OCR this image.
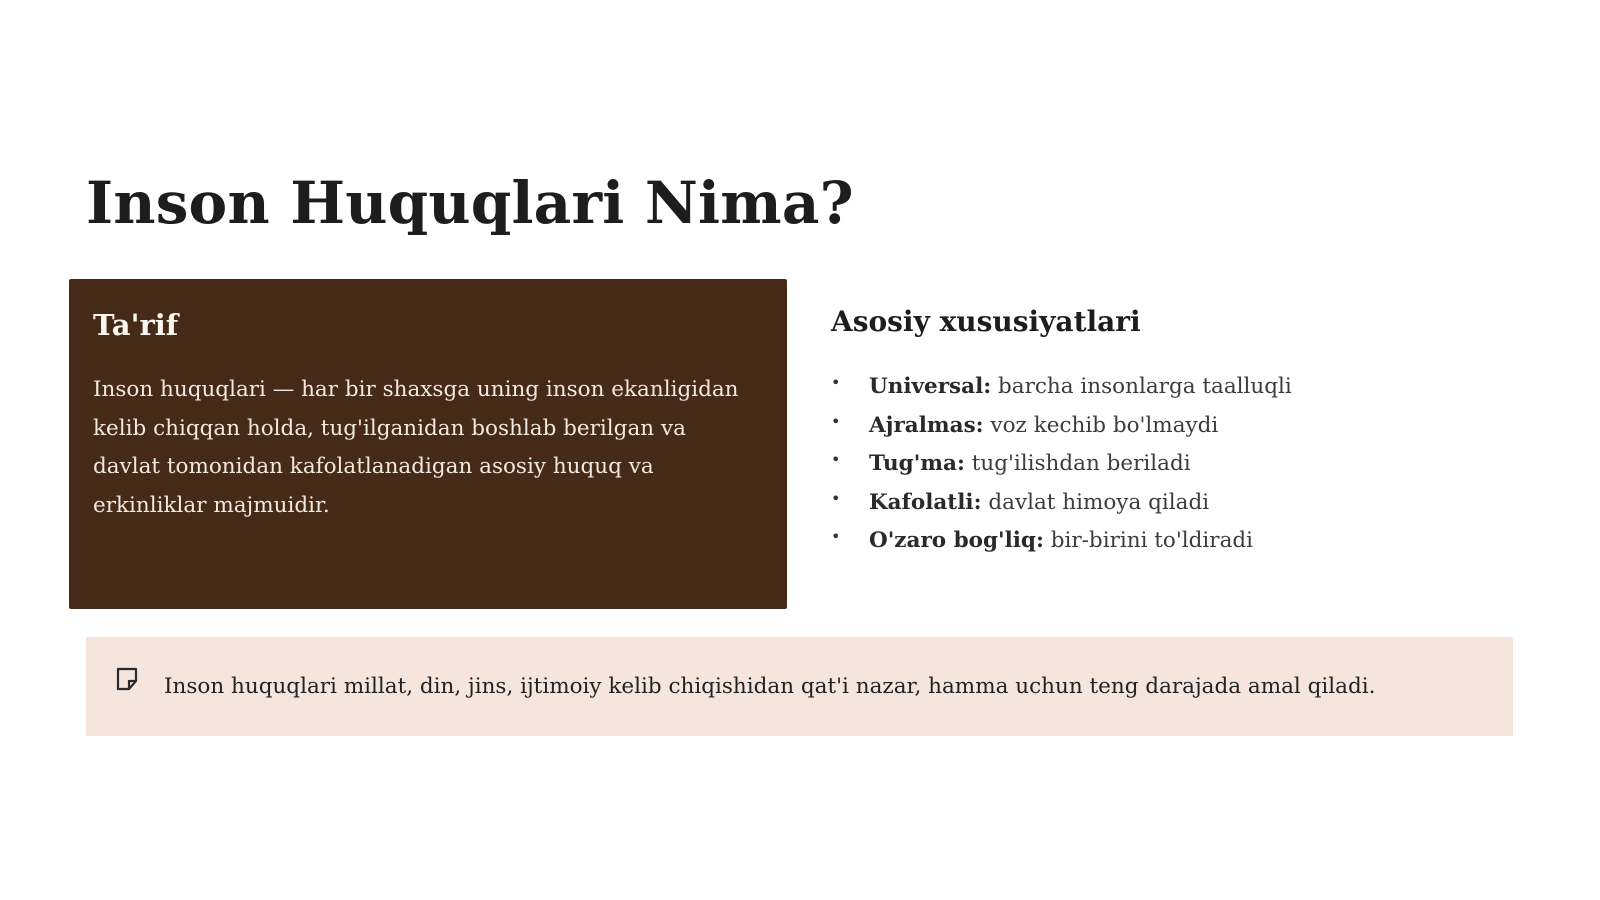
Inson Huquqlari Nima?
Ta'rif

Inson huquqlari — har bir shaxsga uning inson ekanligidan kelib chiqqan holda, tug'ilganidan boshlab berilgan va davlat tomonidan kafolatlanadigan asosiy huquq va erkinliklar majmuidir.

Asosiy xususiyatlari
• Universal: barcha insonlarga taalluqli
• Ajralmas: voz kechib bo'lmaydi
• Tug'ma: tug'ilishdan beriladi
• Kafolatli: davlat himoya qiladi
• O'zaro bog'liq: bir-birini to'ldiradi
Inson huquqlari millat, din, jins, ijtimoiy kelib chiqishidan qat'i nazar, hamma uchun teng darajada amal qiladi.
